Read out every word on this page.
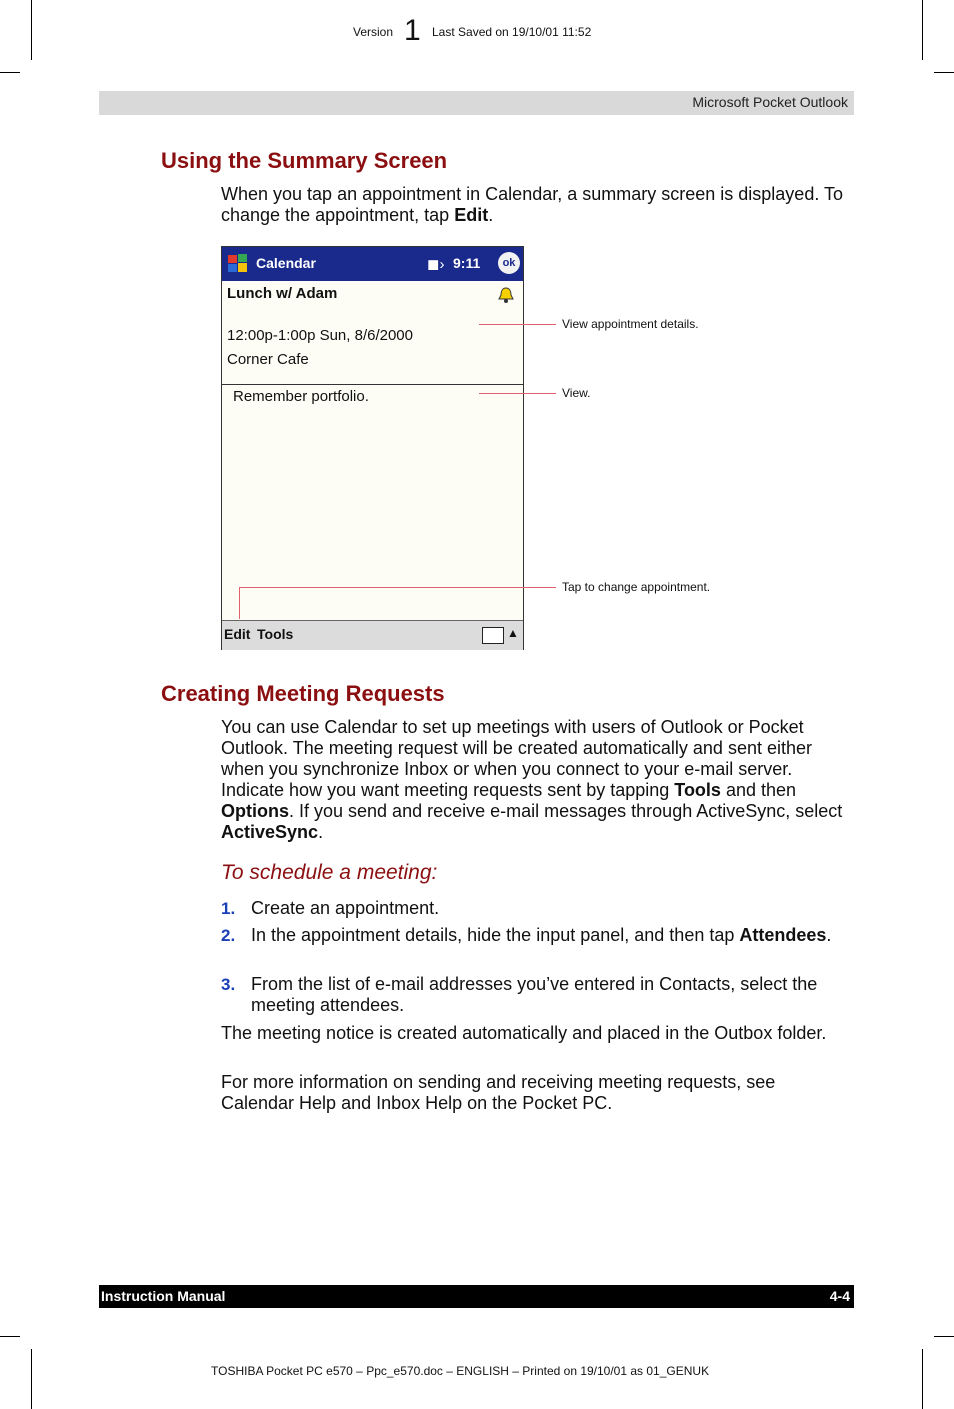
Version 1 Last Saved on 19/10/01 11:52
Microsoft Pocket Outlook
Using the Summary Screen

When you tap an appointment in Calendar, a summary screen is displayed. To change the appointment, tap Edit.

Calendar	◼› 9:11	ok
Lunch w/ Adam
12:00p-1:00p Sun, 8/6/2000
Corner Cafe
Remember portfolio.
Edit Tools	▲
View appointment details.
View.
Tap to change appointment.
Creating Meeting Requests

You can use Calendar to set up meetings with users of Outlook or Pocket Outlook. The meeting request will be created automatically and sent either when you synchronize Inbox or when you connect to your e-mail server. Indicate how you want meeting requests sent by tapping Tools and then Options. If you send and receive e-mail messages through ActiveSync, select ActiveSync.

To schedule a meeting:

1. Create an appointment.
2. In the appointment details, hide the input panel, and then tap Attendees.
3. From the list of e-mail addresses you’ve entered in Contacts, select the meeting attendees.

The meeting notice is created automatically and placed in the Outbox folder.

For more information on sending and receiving meeting requests, see Calendar Help and Inbox Help on the Pocket PC.

Instruction Manual	4-4
TOSHIBA Pocket PC e570 – Ppc_e570.doc – ENGLISH – Printed on 19/10/01 as 01_GENUK
